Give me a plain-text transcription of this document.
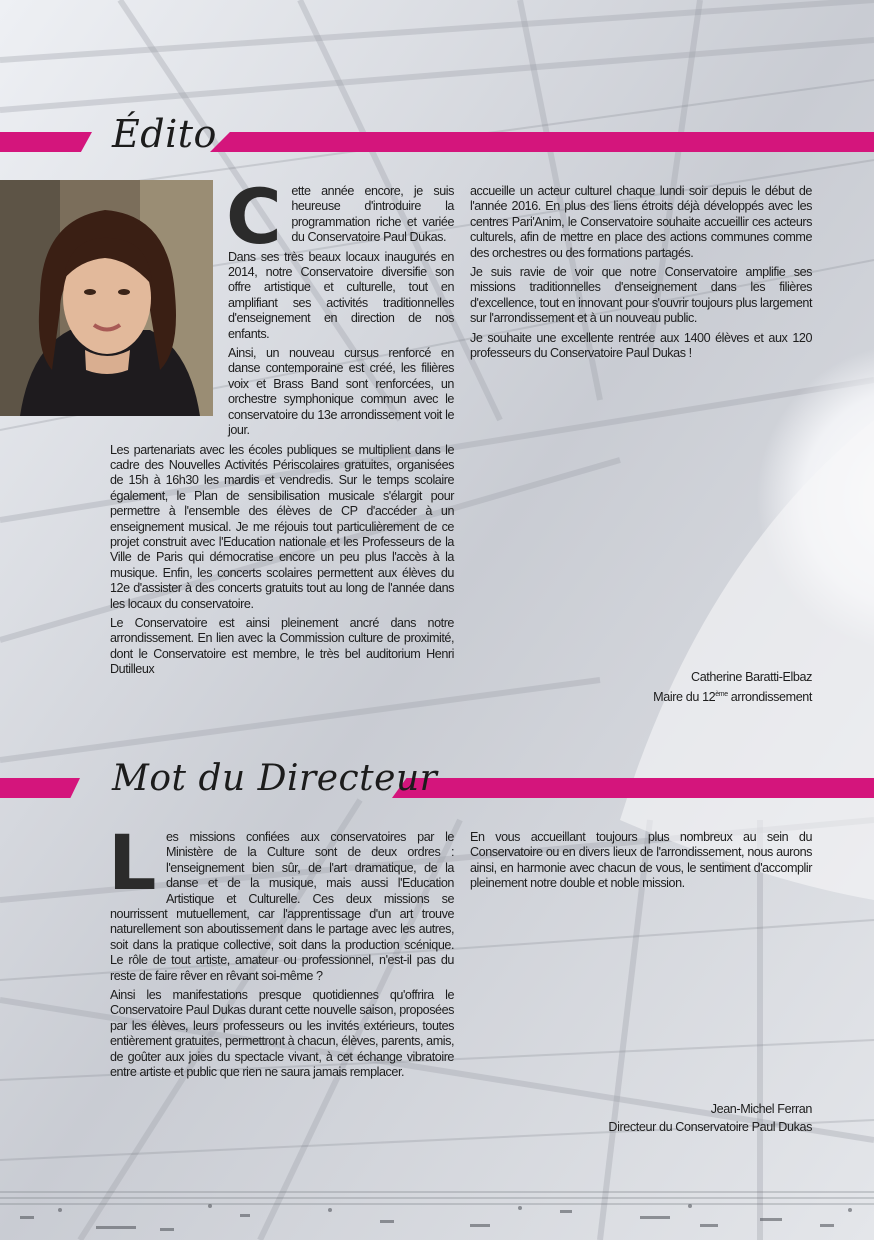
Édito

Cette année encore, je suis heureuse d'introduire la programmation riche et variée du Conservatoire Paul Dukas.

Dans ses très beaux locaux inaugurés en 2014, notre Conservatoire diversifie son offre artistique et culturelle, tout en amplifiant ses activités traditionnelles d'enseignement en direction de nos enfants.

Ainsi, un nouveau cursus renforcé en danse contemporaine est créé, les filières voix et Brass Band sont renforcées, un orchestre symphonique commun avec le conservatoire du 13e arrondissement voit le jour.

Les partenariats avec les écoles publiques se multiplient dans le cadre des Nouvelles Activités Périscolaires gratuites, organisées de 15h à 16h30 les mardis et vendredis. Sur le temps scolaire également, le Plan de sensibilisation musicale s'élargit pour permettre à l'ensemble des élèves de CP d'accéder à un enseignement musical. Je me réjouis tout particulièrement de ce projet construit avec l'Education nationale et les Professeurs de la Ville de Paris qui démocratise encore un peu plus l'accès à la musique. Enfin, les concerts scolaires permettent aux élèves du 12e d'assister à des concerts gratuits tout au long de l'année dans les locaux du conservatoire.

Le Conservatoire est ainsi pleinement ancré dans notre arrondissement. En lien avec la Commission culture de proximité, dont le Conservatoire est membre, le très bel auditorium Henri Dutilleux

accueille un acteur culturel chaque lundi soir depuis le début de l'année 2016. En plus des liens étroits déjà développés avec les centres Pari'Anim, le Conservatoire souhaite accueillir ces acteurs culturels, afin de mettre en place des actions communes comme des orchestres ou des formations partagés.

Je suis ravie de voir que notre Conservatoire amplifie ses missions traditionnelles d'enseignement dans les filières d'excellence, tout en innovant pour s'ouvrir toujours plus largement sur l'arrondissement et à un nouveau public.

Je souhaite une excellente rentrée aux 1400 élèves et aux 120 professeurs du Conservatoire Paul Dukas !

Catherine Baratti-Elbaz
Maire du 12ème arrondissement
Mot du Directeur

Les missions confiées aux conservatoires par le Ministère de la Culture sont de deux ordres : l'enseignement bien sûr, de l'art dramatique, de la danse et de la musique, mais aussi l'Education Artistique et Culturelle. Ces deux missions se nourrissent mutuellement, car l'apprentissage d'un art trouve naturellement son aboutissement dans le partage avec les autres, soit dans la pratique collective, soit dans la production scénique. Le rôle de tout artiste, amateur ou professionnel, n'est-il pas du reste de faire rêver en rêvant soi-même ?

Ainsi les manifestations presque quotidiennes qu'offrira le Conservatoire Paul Dukas durant cette nouvelle saison, proposées par les élèves, leurs professeurs ou les invités extérieurs, toutes entièrement gratuites, permettront à chacun, élèves, parents, amis, de goûter aux joies du spectacle vivant, à cet échange vibratoire entre artiste et public que rien ne saura jamais remplacer.

En vous accueillant toujours plus nombreux au sein du Conservatoire ou en divers lieux de l'arrondissement, nous aurons ainsi, en harmonie avec chacun de vous, le sentiment d'accomplir pleinement notre double et noble mission.

Jean-Michel Ferran
Directeur du Conservatoire Paul Dukas
